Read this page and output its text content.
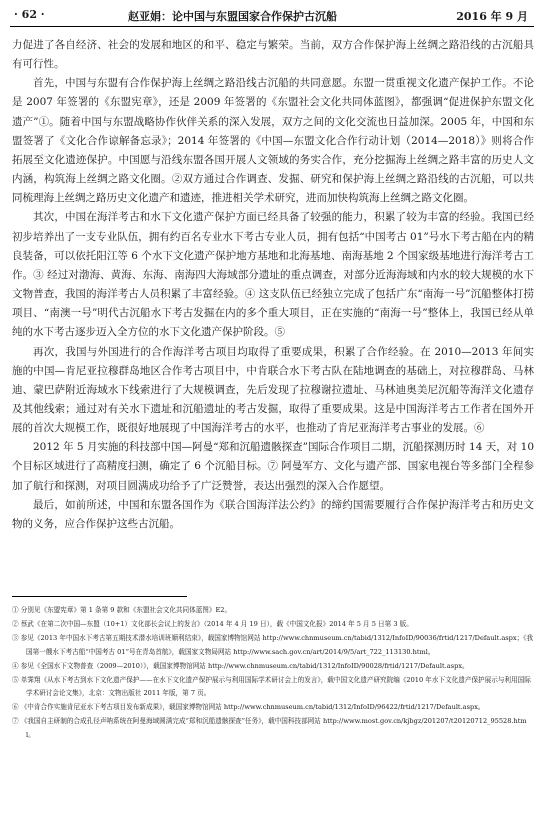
· 62 ·	赵亚娟：论中国与东盟国家合作保护古沉船	2016 年 9 月

力促进了各自经济、社会的发展和地区的和平、稳定与繁荣。当前，双方合作保护海上丝绸之路沿线的古沉船具有可行性。

首先，中国与东盟有合作保护海上丝绸之路沿线古沉船的共同意愿。东盟一贯重视文化遗产保护工作。不论是 2007 年签署的《东盟宪章》，还是 2009 年签署的《东盟社会文化共同体蓝图》，都强调“促进保护东盟文化遗产”①。随着中国与东盟战略协作伙伴关系的深入发展，双方之间的文化交流也日益加深。2005 年，中国和东盟签署了《文化合作谅解备忘录》；2014 年签署的《中国—东盟文化合作行动计划（2014—2018）》则将合作拓展至文化遗迹保护。中国愿与沿线东盟各国开展人文领域的务实合作，充分挖掘海上丝绸之路丰富的历史人文内涵，构筑海上丝绸之路文化圈。②双方通过合作调查、发掘、研究和保护海上丝绸之路沿线的古沉船，可以共同梳理海上丝绸之路历史文化遗产和遗迹，推进相关学术研究，进而加快构筑海上丝绸之路文化圈。

其次，中国在海洋考古和水下文化遗产保护方面已经具备了较强的能力，积累了较为丰富的经验。我国已经初步培养出了一支专业队伍，拥有约百名专业水下考古专业人员，拥有包括“中国考古 01”号水下考古船在内的精良装备，可以依托阳江等 6 个水下文化遗产保护地方基地和北海基地、南海基地 2 个国家级基地进行海洋考古工作。③ 经过对渤海、黄海、东海、南海四大海域部分遗址的重点调查，对部分近海海域和内水的较大规模的水下文物普查，我国的海洋考古人员积累了丰富经验。④ 这支队伍已经独立完成了包括广东“南海一号”沉船整体打捞项目、“南澳一号”明代古沉船水下考古发掘在内的多个重大项目，正在实施的“南海一号”整体上，我国已经从单纯的水下考古逐步迈入全方位的水下文化遗产保护阶段。⑤

再次，我国与外国进行的合作海洋考古项目均取得了重要成果，积累了合作经验。在 2010—2013 年间实施的中国—肯尼亚拉穆群岛地区合作考古项目中，中肯联合水下考古队在陆地调查的基础上，对拉穆群岛、马林迪、蒙巴萨附近海域水下线索进行了大规模调查，先后发现了拉穆谢拉遗址、马林迪奥美尼沉船等海洋文化遗存及其他线索；通过对有关水下遗址和沉船遗址的考古发掘，取得了重要成果。这是中国海洋考古工作者在国外开展的首次大规模工作，既很好地展现了中国海洋考古的水平，也推动了肯尼亚海洋考古事业的发展。⑥

2012 年 5 月实施的科技部中国—阿曼“郑和沉船遗骸探查”国际合作项目二期，沉船探测历时 14 天，对 10 个目标区域进行了高精度扫测，确定了 6 个沉船目标。⑦ 阿曼军方、文化与遗产部、国家电视台等多部门全程参加了航行和探测，对项目圆满成功给予了广泛赞誉，表达出强烈的深入合作愿望。

最后，如前所述，中国和东盟各国作为《联合国海洋法公约》的缔约国需要履行合作保护海洋考古和历史文物的义务，应合作保护这些古沉船。

① 分别见《东盟宪章》第 1 条第 9 款和《东盟社会文化共同体蓝图》E2。

② 蔡武《在第二次中国—东盟（10+1）文化部长会议上的发言》（2014 年 4 月 19 日），载《中国文化报》2014 年 5 月 5 日第 3 版。

③ 参见《2013 年中国水下考古第五期技术潜水培训班顺利结束》，载国家博物馆网站 http://www.chnmuseum.cn/tabid/1312/InfoID/90036/frtid/1217/Default.aspx；《我国第一艘水下考古船“中国考古 01”号在青岛首航》，载国家文物局网站 http://www.sach.gov.cn/art/2014/9/5/art_722_113130.html。

④ 参见《全国水下文物普查（2009—2010）》，载国家博物馆网站 http://www.chnmuseum.cn/tabid/1312/InfoID/90028/frtid/1217/Default.aspx。

⑤ 单霁翔《从水下考古到水下文化遗产保护——在水下文化遗产保护展示与利用国际学术研讨会上的发言》，载中国文化遗产研究院编《2010 年水下文化遗产保护展示与利用国际学术研讨会论文集》，北京：文物出版社 2011 年版，第 7 页。

⑥ 《中肯合作实施肯尼亚水下考古项目发布新成果》，载国家博物馆网站 http://www.chnmuseum.cn/tabid/1312/InfoID/96422/frtid/1217/Default.aspx。

⑦ 《我国自主研制的合成孔径声呐系统在阿曼海域圆满完成“郑和沉船遗骸探查”任务》，载中国科技部网站 http://www.most.gov.cn/kjbgz/201207/t20120712_95528.html。
